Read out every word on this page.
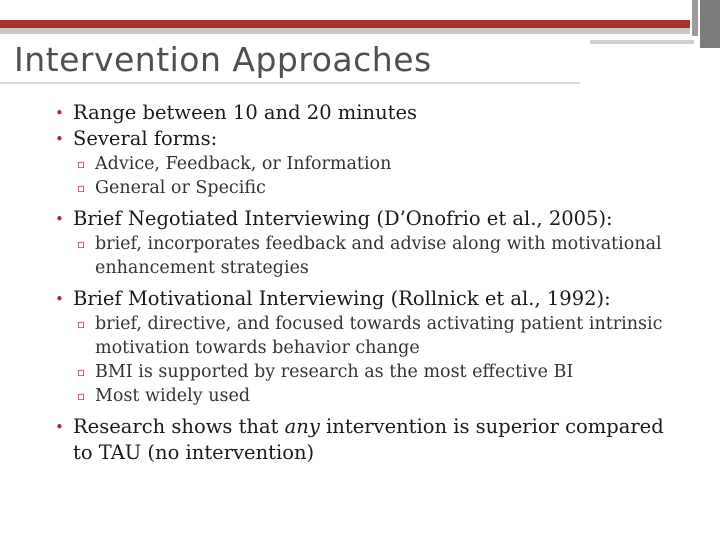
Intervention Approaches
• Range between 10 and 20 minutes
• Several forms:
▫ Advice, Feedback, or Information
▫ General or Specific
• Brief Negotiated Interviewing (D’Onofrio et al., 2005):
▫ brief, incorporates feedback and advise along with motivational enhancement strategies
• Brief Motivational Interviewing (Rollnick et al., 1992):
▫ brief, directive, and focused towards activating patient intrinsic motivation towards behavior change
▫ BMI is supported by research as the most effective BI
▫ Most widely used
• Research shows that any intervention is superior compared to TAU (no intervention)
